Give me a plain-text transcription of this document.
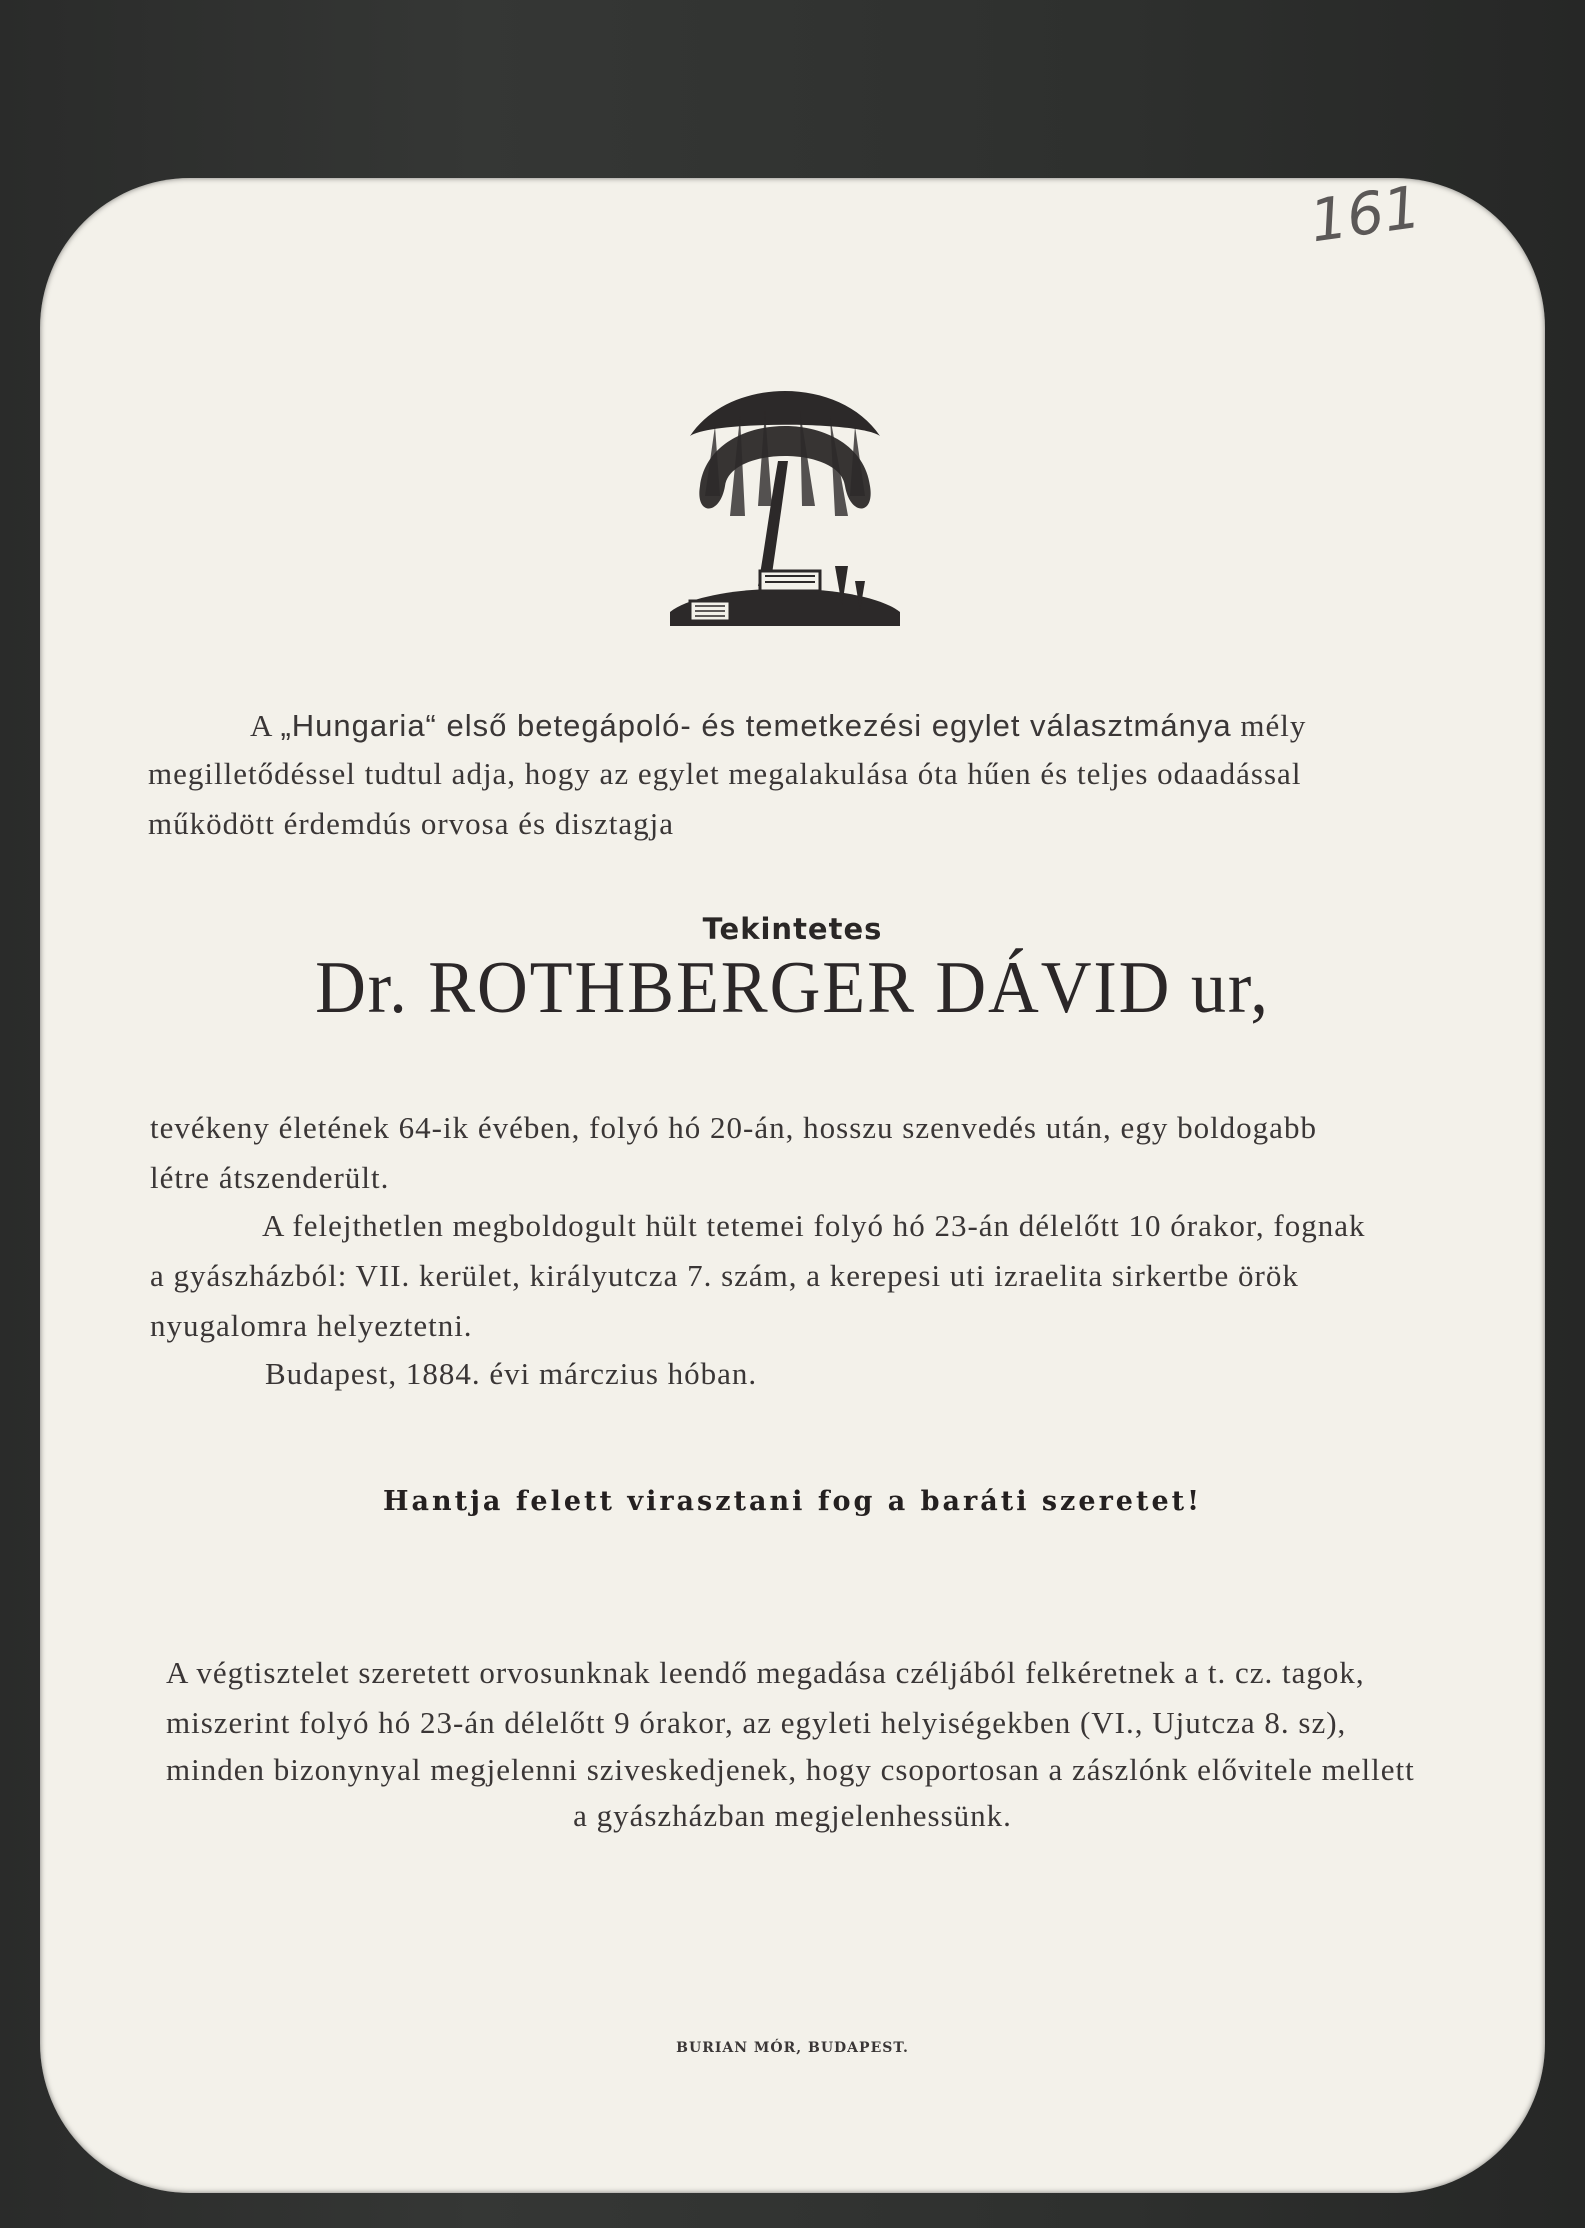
161
A „Hungaria“ első betegápoló- és temetkezési egylet választmánya mély
megilletődéssel tudtul adja, hogy az egylet megalakulása óta hűen és teljes odaadással
működött érdemdús orvosa és disztagja
Tekintetes
Dr. ROTHBERGER DÁVID ur,
tevékeny életének 64-ik évében, folyó hó 20-án, hosszu szenvedés után, egy boldogabb
létre átszenderült.
A felejthetlen megboldogult hült tetemei folyó hó 23-án délelőtt 10 órakor, fognak
a gyászházból: VII. kerület, királyutcza 7. szám, a kerepesi uti izraelita sirkertbe örök
nyugalomra helyeztetni.
Budapest, 1884. évi márczius hóban.
Hantja felett virasztani fog a baráti szeretet!
A végtisztelet szeretett orvosunknak leendő megadása czéljából felkéretnek a t. cz. tagok,
miszerint folyó hó 23-án délelőtt 9 órakor, az egyleti helyiségekben (VI., Ujutcza 8. sz),
minden bizonynyal megjelenni sziveskedjenek, hogy csoportosan a zászlónk elővitele mellett
a gyászházban megjelenhessünk.
BURIAN MÓR, BUDAPEST.
